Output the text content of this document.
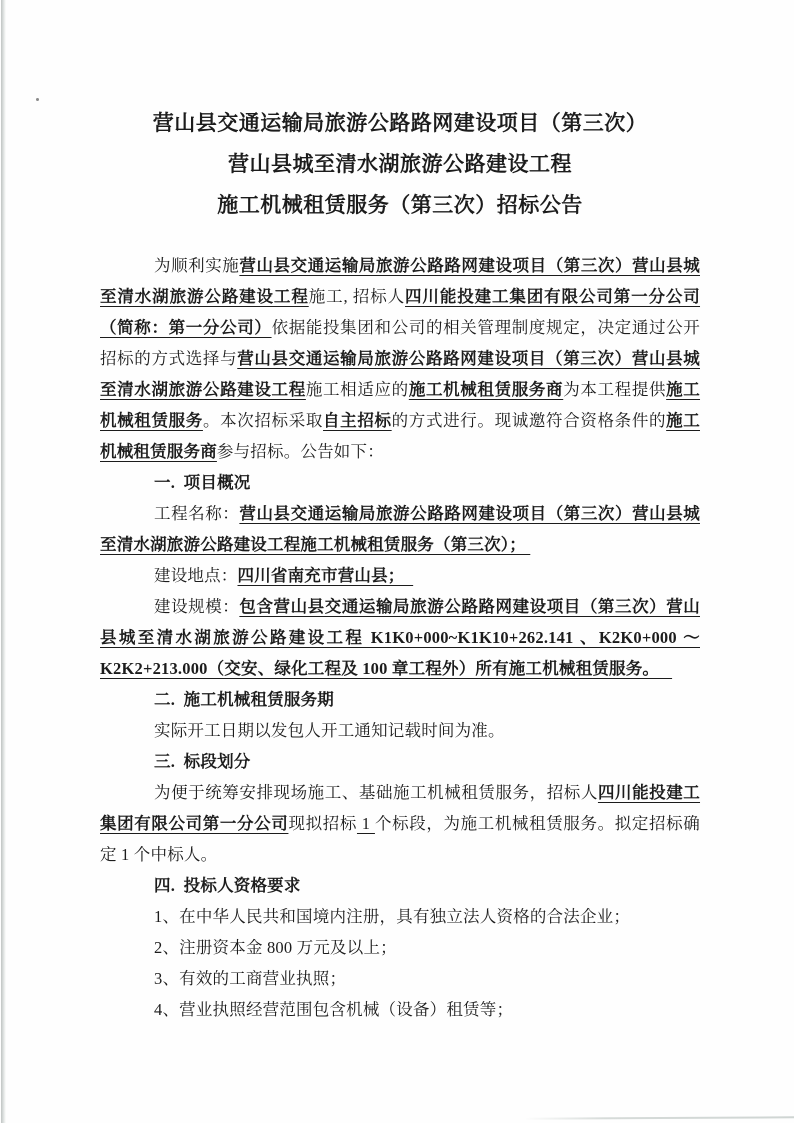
营山县交通运输局旅游公路路网建设项目（第三次）
营山县城至清水湖旅游公路建设工程
施工机械租赁服务（第三次）招标公告

为顺利实施营山县交通运输局旅游公路路网建设项目（第三次）营山县城至清水湖旅游公路建设工程施工, 招标人四川能投建工集团有限公司第一分公司（简称：第一分公司）依据能投集团和公司的相关管理制度规定，决定通过公开招标的方式选择与营山县交通运输局旅游公路路网建设项目（第三次）营山县城至清水湖旅游公路建设工程施工相适应的施工机械租赁服务商为本工程提供施工机械租赁服务。本次招标采取自主招标的方式进行。现诚邀符合资格条件的施工机械租赁服务商参与招标。公告如下：

一.  项目概况

工程名称：营山县交通运输局旅游公路路网建设项目（第三次）营山县城至清水湖旅游公路建设工程施工机械租赁服务（第三次）；

建设地点：四川省南充市营山县；

建设规模：包含营山县交通运输局旅游公路路网建设项目（第三次）营山县城至清水湖旅游公路建设工程 K1K0+000~K1K10+262.141 、K2K0+000 ～ K2K2+213.000（交安、绿化工程及 100 章工程外）所有施工机械租赁服务。

二.  施工机械租赁服务期

实际开工日期以发包人开工通知记载时间为准。

三.  标段划分

为便于统筹安排现场施工、基础施工机械租赁服务，招标人四川能投建工集团有限公司第一分公司现拟招标 1 个标段，为施工机械租赁服务。拟定招标确定 1 个中标人。

四.  投标人资格要求

1、在中华人民共和国境内注册，具有独立法人资格的合法企业；

2、注册资本金 800 万元及以上；

3、有效的工商营业执照；

4、营业执照经营范围包含机械（设备）租赁等；
